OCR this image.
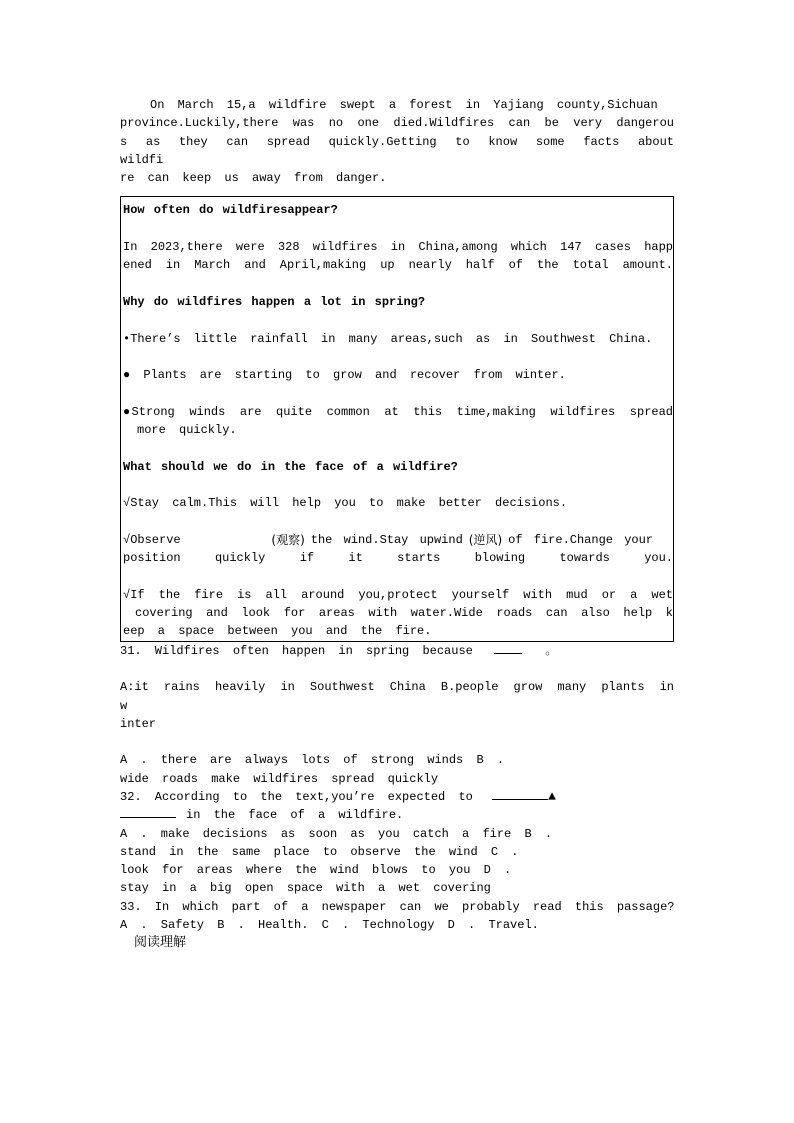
On March 15,a wildfire swept a forest in Yajiang county,Sichuan
province.Luckily,there was no one died.Wildfires can be very dangerou
s as they can spread quickly.Getting to know some facts about wildfi
re can keep us away from danger.
How often do wildfiresappear?
In 2023,there were 328 wildfires in China,among which 147 cases happ
ened in March and April,making up nearly half of the total amount.
Why do wildfires happen a lot in spring?
•There’s little rainfall in many areas,such as in Southwest China.
● Plants are starting to grow and recover from winter.
●Strong winds are quite common at this time,making wildfires spread
more quickly.
What should we do in the face of a wildfire?
√Stay calm.This will help you to make better decisions.
√Observe	(观察) the wind.Stay upwind (逆风) of fire.Change your
position quickly if it starts blowing towards you.
√If the fire is all around you,protect yourself with mud or a wet
covering and look for areas with water.Wide roads can also help k
eep a space between you and the fire.
31. Wildfires often happen in spring because	。
A:it rains heavily in Southwest China B.people grow many plants in w
inter
A . there are always lots of strong winds B .
wide roads make wildfires spread quickly
32. According to the text,you’re expected to	▲
in the face of a wildfire.
A . make decisions as soon as you catch a fire B .
stand in the same place to observe the wind C .
look for areas where the wind blows to you D .
stay in a big open space with a wet covering
33. In which part of a newspaper can we probably read this passage?
A . Safety B . Health. C . Technology D . Travel.
阅读理解
